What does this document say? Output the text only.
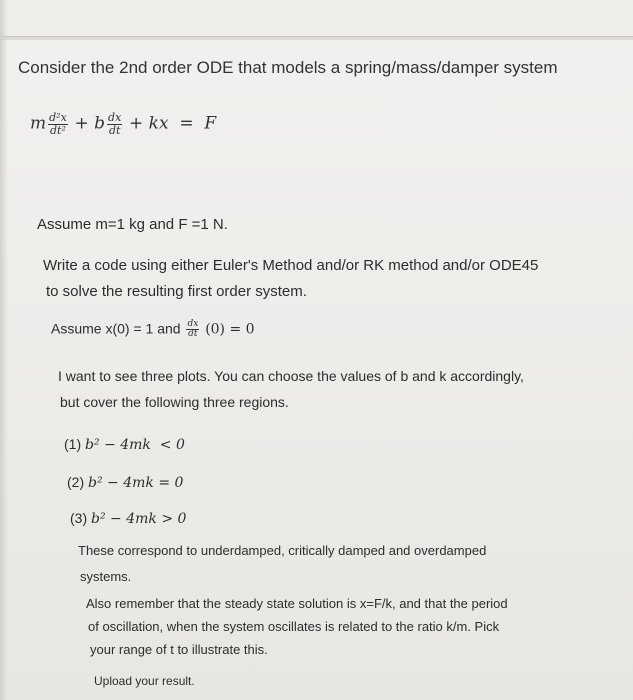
Consider the 2nd order ODE that models a spring/mass/damper system
m $\frac{\text{d²x}}{\text{dt²}} + b \frac{dx}{dt}$ + kx  =  F
Assume m=1 kg and F =1 N.
Write a code using either Euler's Method and/or RK method and/or ODE45
to solve the resulting first order system.
Assume x(0) = 1 and $\frac{dx}{dt} (0) = 0$
I want to see three plots. You can choose the values of b and k accordingly,
but cover the following three regions.
(1) b² − 4mk  < 0
(2) b² − 4mk = 0
(3) b² − 4mk > 0
These correspond to underdamped, critically damped and overdamped
systems.
Also remember that the steady state solution is x=F/k, and that the period
of oscillation, when the system oscillates is related to the ratio k/m. Pick
your range of t to illustrate this.
Upload your result.
